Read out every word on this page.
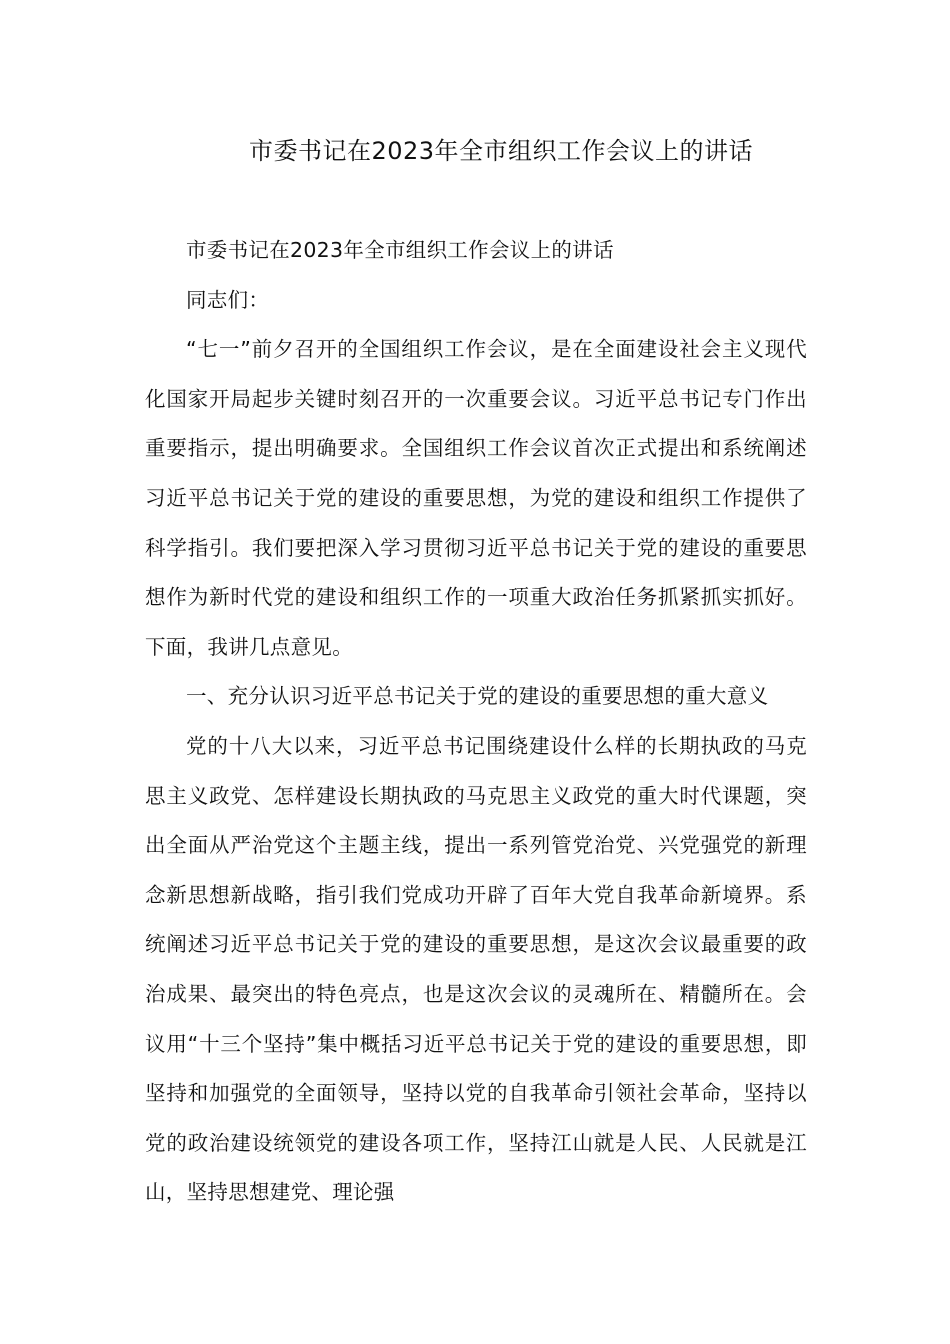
市委书记在2023年全市组织工作会议上的讲话

市委书记在2023年全市组织工作会议上的讲话

同志们：

“七一”前夕召开的全国组织工作会议，是在全面建设社会主义现代化国家开局起步关键时刻召开的一次重要会议。习近平总书记专门作出重要指示，提出明确要求。全国组织工作会议首次正式提出和系统阐述习近平总书记关于党的建设的重要思想，为党的建设和组织工作提供了科学指引。我们要把深入学习贯彻习近平总书记关于党的建设的重要思想作为新时代党的建设和组织工作的一项重大政治任务抓紧抓实抓好。下面，我讲几点意见。

一、充分认识习近平总书记关于党的建设的重要思想的重大意义

党的十八大以来，习近平总书记围绕建设什么样的长期执政的马克思主义政党、怎样建设长期执政的马克思主义政党的重大时代课题，突出全面从严治党这个主题主线，提出一系列管党治党、兴党强党的新理念新思想新战略，指引我们党成功开辟了百年大党自我革命新境界。系统阐述习近平总书记关于党的建设的重要思想，是这次会议最重要的政治成果、最突出的特色亮点，也是这次会议的灵魂所在、精髓所在。会议用“十三个坚持”集中概括习近平总书记关于党的建设的重要思想，即坚持和加强党的全面领导，坚持以党的自我革命引领社会革命，坚持以党的政治建设统领党的建设各项工作，坚持江山就是人民、人民就是江山，坚持思想建党、理论强
